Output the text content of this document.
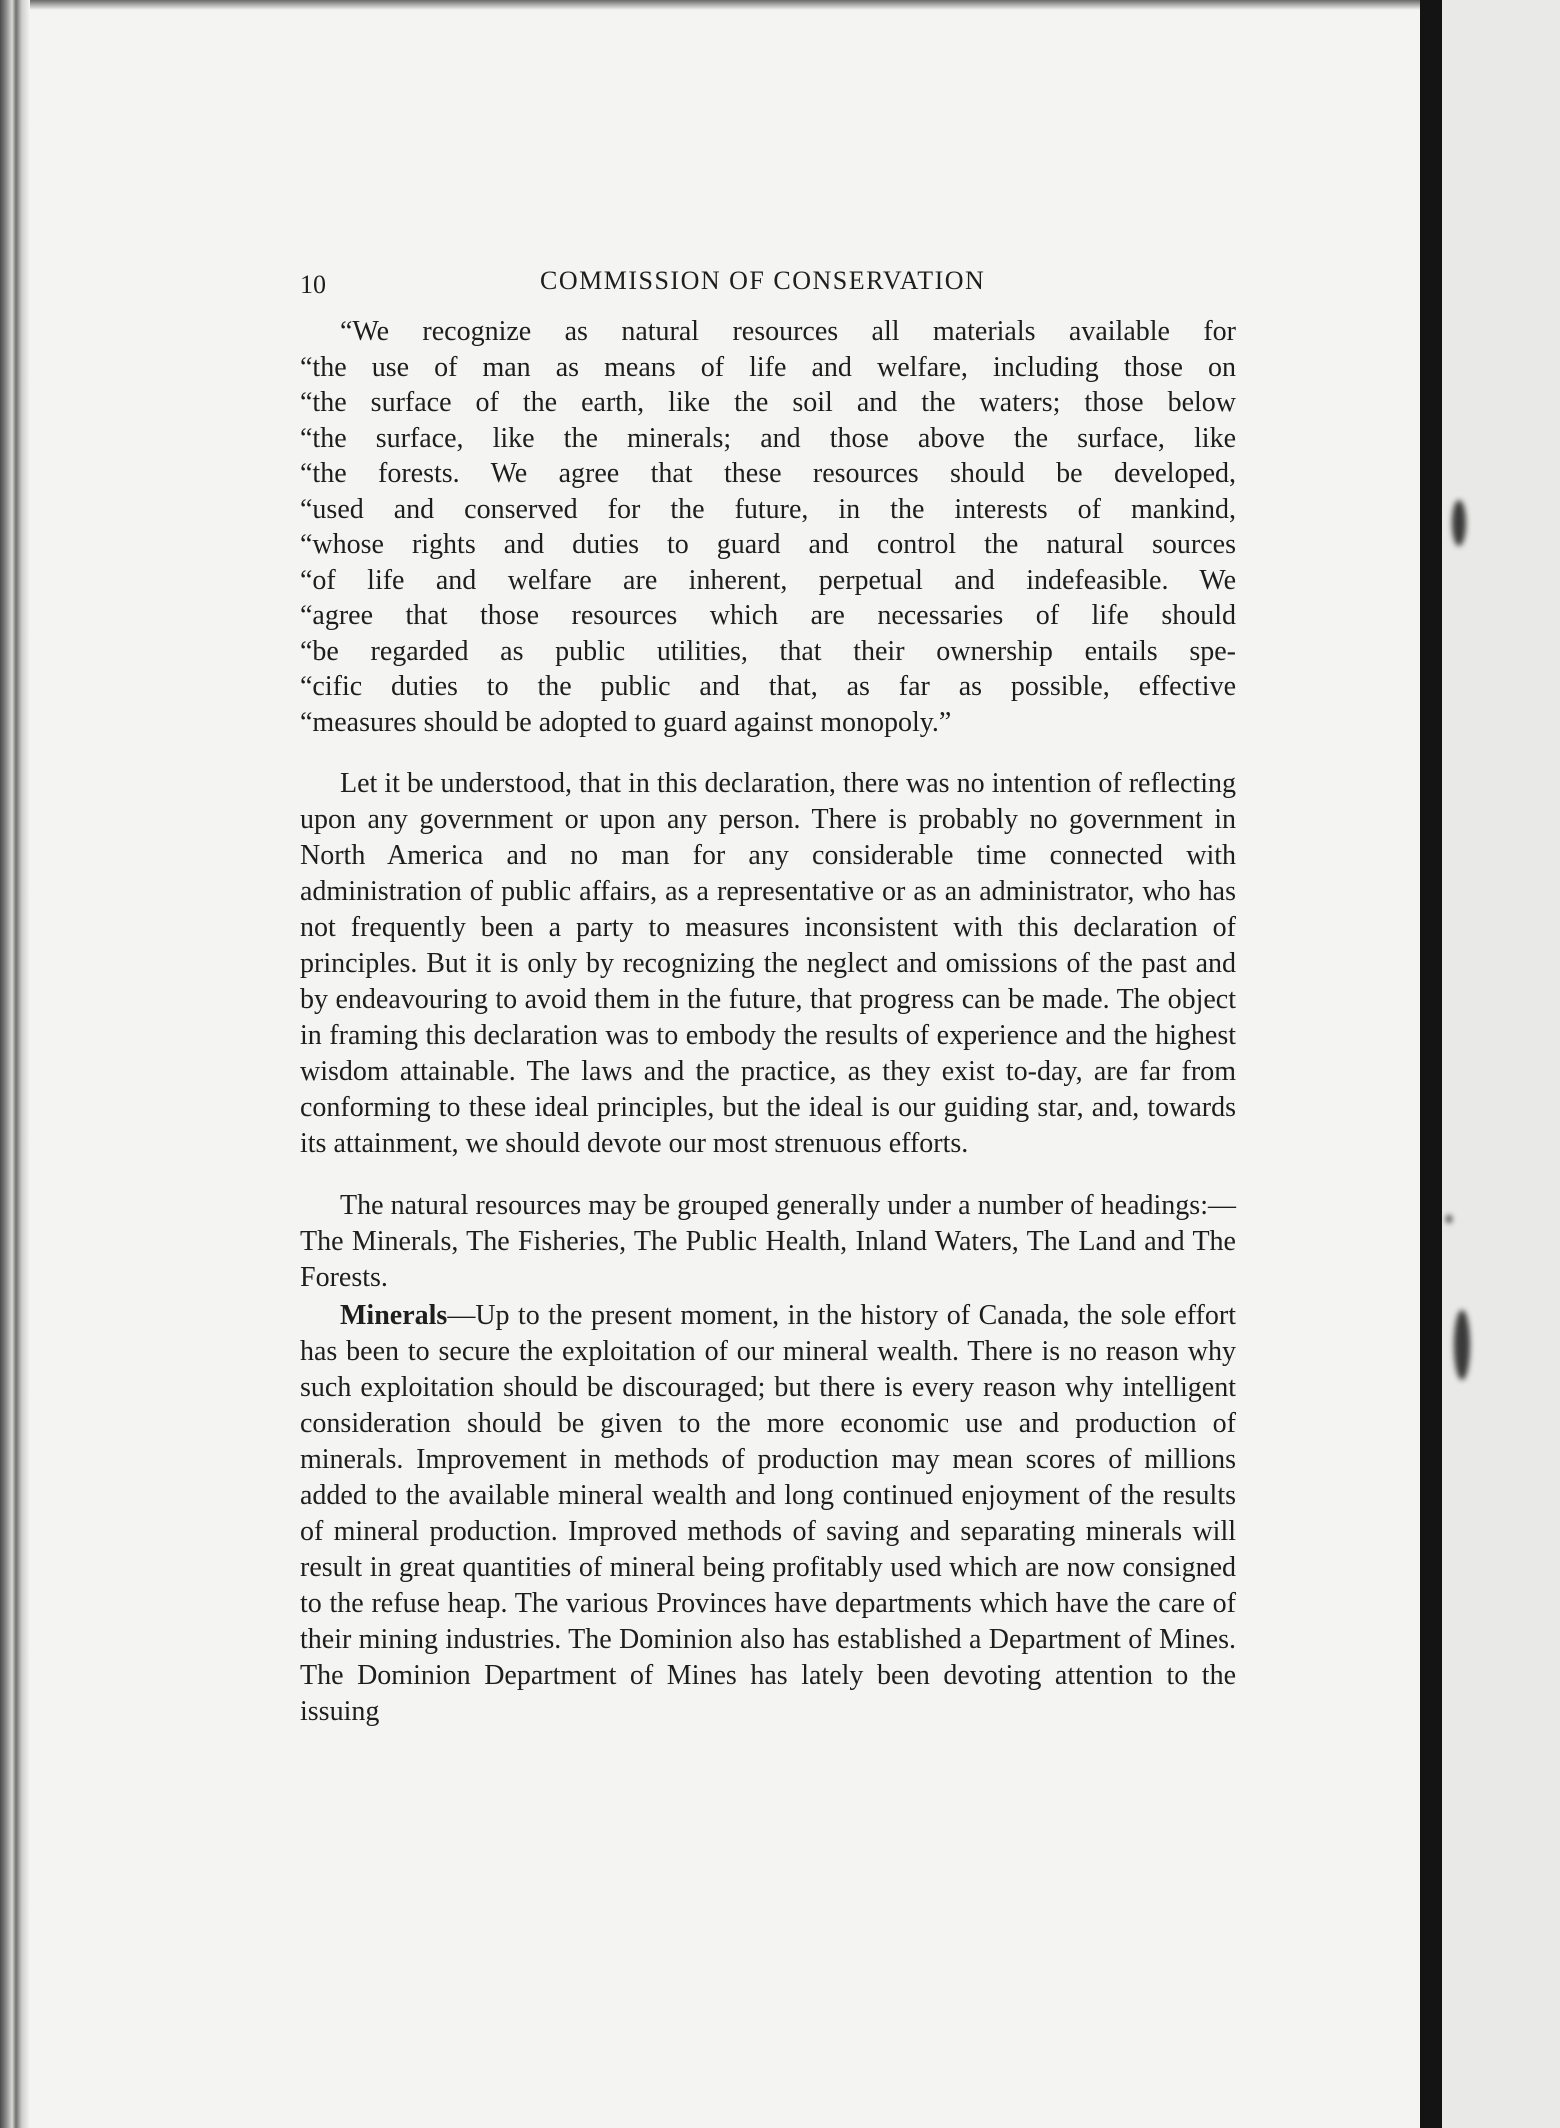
10	COMMISSION OF CONSERVATION
“We recognize as natural resources all materials available for
“the use of man as means of life and welfare, including those on
“the surface of the earth, like the soil and the waters; those below
“the surface, like the minerals; and those above the surface, like
“the forests. We agree that these resources should be developed,
“used and conserved for the future, in the interests of mankind,
“whose rights and duties to guard and control the natural sources
“of life and welfare are inherent, perpetual and indefeasible. We
“agree that those resources which are necessaries of life should
“be regarded as public utilities, that their ownership entails spe-
“cific duties to the public and that, as far as possible, effective
“measures should be adopted to guard against monopoly.”

Let it be understood, that in this declaration, there was no intention of reflecting upon any government or upon any person. There is probably no government in North America and no man for any considerable time connected with administration of public affairs, as a representative or as an administrator, who has not frequently been a party to measures inconsistent with this declaration of principles. But it is only by recognizing the neglect and omissions of the past and by endeavouring to avoid them in the future, that progress can be made. The object in framing this declaration was to embody the results of experience and the highest wisdom attainable. The laws and the practice, as they exist to-day, are far from conforming to these ideal principles, but the ideal is our guiding star, and, towards its attainment, we should devote our most strenuous efforts.

The natural resources may be grouped generally under a number of headings:—The Minerals, The Fisheries, The Public Health, Inland Waters, The Land and The Forests.

Minerals—Up to the present moment, in the history of Canada, the sole effort has been to secure the exploitation of our mineral wealth. There is no reason why such exploitation should be discouraged; but there is every reason why intelligent consideration should be given to the more economic use and production of minerals. Improvement in methods of production may mean scores of millions added to the available mineral wealth and long continued enjoyment of the results of mineral production. Improved methods of saving and separating minerals will result in great quantities of mineral being profitably used which are now consigned to the refuse heap. The various Provinces have departments which have the care of their mining industries. The Dominion also has established a Department of Mines. The Dominion Department of Mines has lately been devoting attention to the issuing
